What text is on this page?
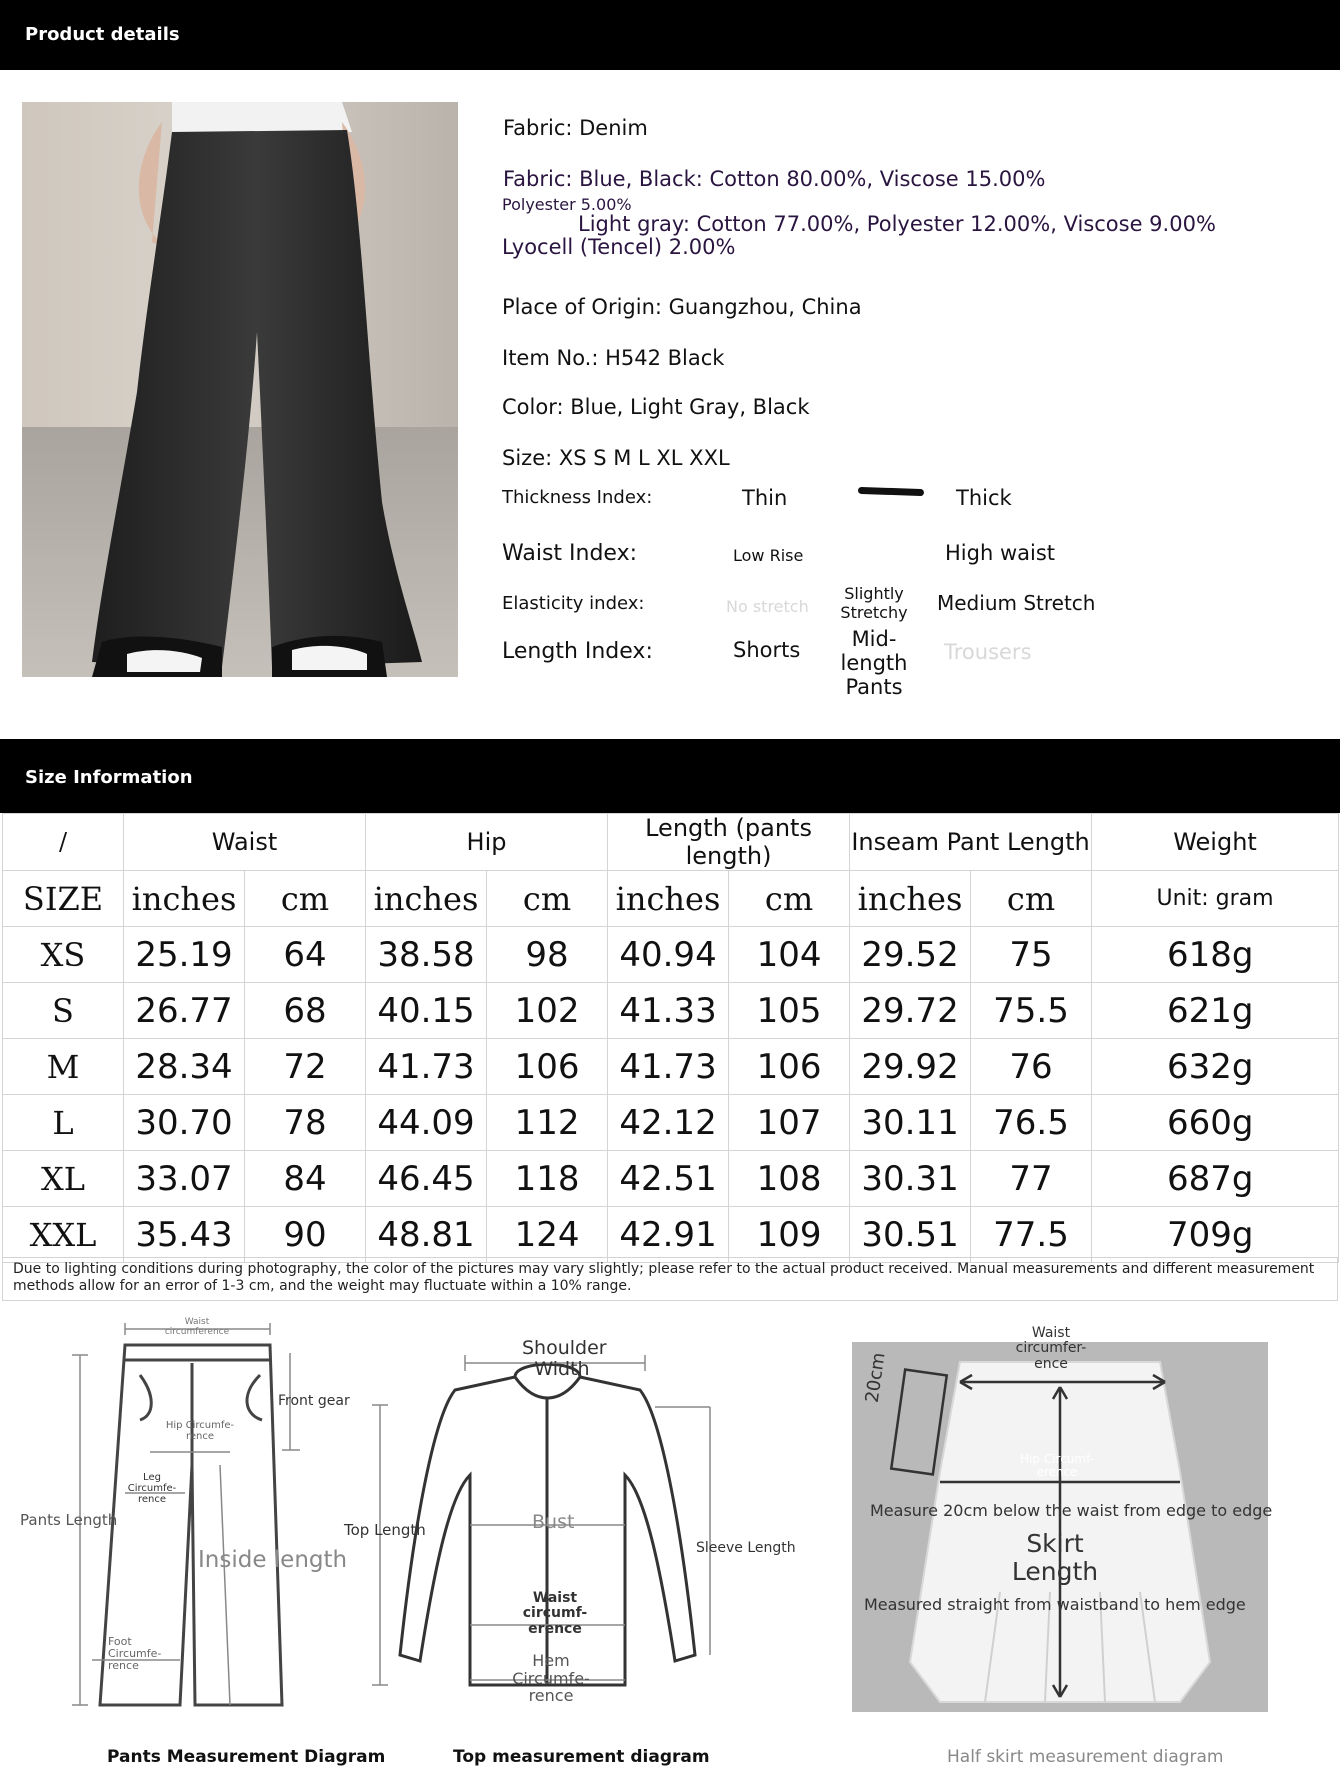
Product details
Fabric: Denim
Fabric: Blue, Black: Cotton 80.00%, Viscose 15.00%
Polyester 5.00%
Light gray: Cotton 77.00%, Polyester 12.00%, Viscose 9.00%
Lyocell (Tencel) 2.00%
Place of Origin: Guangzhou, China
Item No.: H542 Black
Color: Blue, Light Gray, Black
Size: XS S M L XL XXL
Thickness Index:	Thin	Thick
Waist Index:	Low Rise	High waist
Elasticity index:	No stretch
Slightly Stretchy Medium Stretch
Length Index:	Shorts	Mid-length Pants
Trousers
Size Information
/	Waist		Hip		Length (pants length)		Inseam Pant Length		Weight
SIZE	inches	cm	inches	cm	inches	cm	inches	cm	Unit: gram
XS	25.19	64	38.58	98	40.94	104	29.52	75	618g
S	26.77	68	40.15	102	41.33	105	29.72	75.5	621g
M	28.34	72	41.73	106	41.73	106	29.92	76	632g
L	30.70	78	44.09	112	42.12	107	30.11	76.5	660g
XL	33.07	84	46.45	118	42.51	108	30.31	77	687g
XXL	35.43	90	48.81	124	42.91	109	30.51	77.5	709g
Due to lighting conditions during photography, the color of the pictures may vary slightly; please refer to the actual product received. Manual measurements and different measurement methods allow for an error of 1-3 cm, and the weight may fluctuate within a 10% range.
Waist circumference
Front gear
Hip Circumfe-rence
Leg Circumfe-rence
Pants Length
Inside length
Foot Circumfe-rence
Pants Measurement Diagram
Shoulder Width
Top Length	Bust
Sleeve Length
Waist circumf-erence
Hem Circumfe-rence
Top measurement diagram
Waist circumfer-ence
20cm
Hip Circumf-erence
Measure 20cm below the waist from edge to edge
Skirt Length
Measured straight from waistband to hem edge
Half skirt measurement diagram
